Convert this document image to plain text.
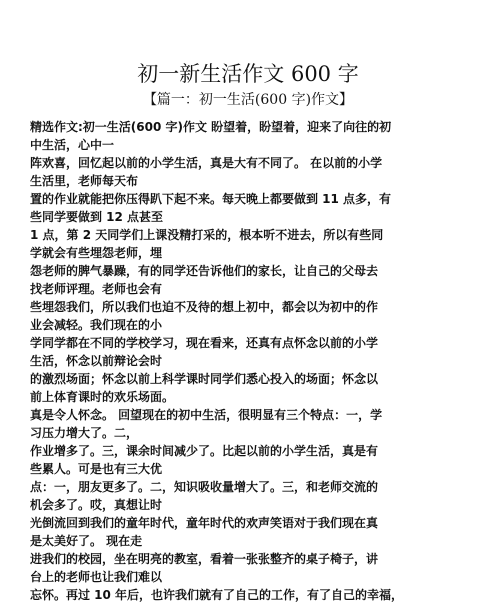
初一新生活作文 600 字

【篇一：初一生活(600 字)作文】

精选作文:初一生活(600 字)作文 盼望着，盼望着，迎来了向往的初
中生活，心中一
阵欢喜，回忆起以前的小学生活，真是大有不同了。 在以前的小学
生活里，老师每天布
置的作业就能把你压得趴下起不来。每天晚上都要做到 11 点多，有
些同学要做到 12 点甚至
1 点，第 2 天同学们上课没精打采的，根本听不进去，所以有些同
学就会有些埋怨老师，埋
怨老师的脾气暴躁，有的同学还告诉他们的家长，让自己的父母去
找老师评理。老师也会有
些埋怨我们，所以我们也迫不及待的想上初中，都会以为初中的作
业会减轻。我们现在的小
学同学都在不同的学校学习，现在看来，还真有点怀念以前的小学
生活，怀念以前辩论会时
的激烈场面；怀念以前上科学课时同学们悉心投入的场面；怀念以
前上体育课时的欢乐场面。
真是令人怀念。 回望现在的初中生活，很明显有三个特点：一，学
习压力增大了。二，
作业增多了。三，课余时间减少了。比起以前的小学生活，真是有
些累人。可是也有三大优
点：一，朋友更多了。二，知识吸收量增大了。三，和老师交流的
机会多了。哎，真想让时
光倒流回到我们的童年时代，童年时代的欢声笑语对于我们现在真
是太美好了。 现在走
进我们的校园，坐在明亮的教室，看着一张张整齐的桌子椅子，讲
台上的老师也让我们难以
忘怀。再过 10 年后，也许我们就有了自己的工作，有了自己的幸福，
